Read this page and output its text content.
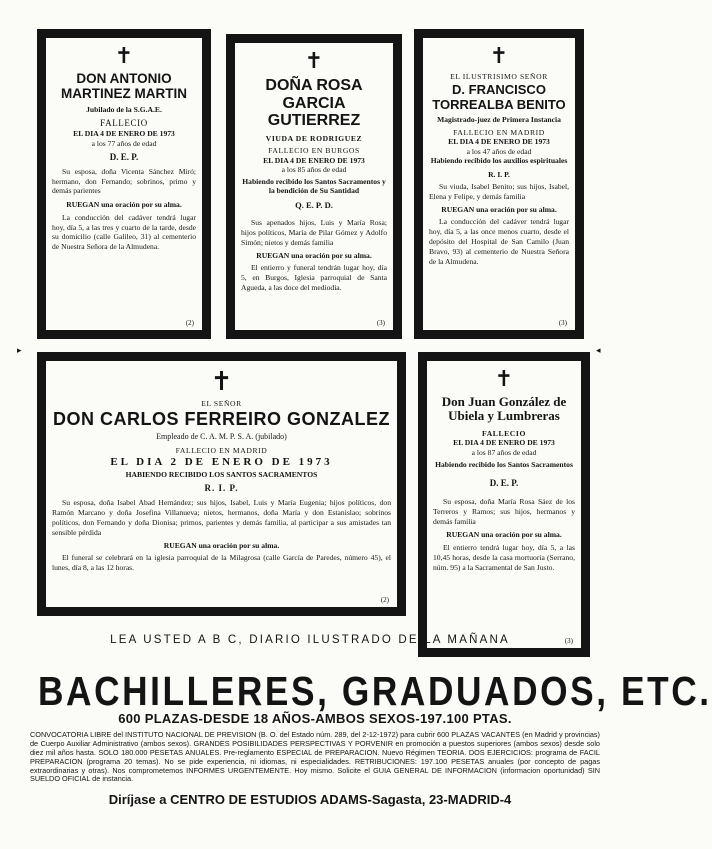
✝
DON ANTONIO MARTINEZ MARTIN
Jubilado de la S.G.A.E.
FALLECIO
EL DIA 4 DE ENERO DE 1973
a los 77 años de edad
D. E. P.
Su esposa, doña Vicenta Sánchez Miró; hermano, don Fernando; sobrinos, primo y demás parientes
RUEGAN una oración por su alma.
La conducción del cadáver tendrá lugar hoy, día 5, a las tres y cuarto de la tarde, desde su domicilio (calle Galileo, 31) al cementerio de Nuestra Señora de la Almudena.
(2)
✝
DOÑA ROSA GARCIA GUTIERREZ
VIUDA DE RODRIGUEZ
FALLECIO EN BURGOS
EL DIA 4 DE ENERO DE 1973
a los 85 años de edad
Habiendo recibido los Santos Sacramentos y la bendición de Su Santidad
Q. E. P. D.
Sus apenados hijos, Luis y María Rosa; hijos políticos, María de Pilar Gómez y Adolfo Simón; nietos y demás familia
RUEGAN una oración por su alma.
El entierro y funeral tendrán lugar hoy, día 5, en Burgos, Iglesia parroquial de Santa Agueda, a las doce del mediodía.
(3)
✝
EL ILUSTRISIMO SEÑOR
D. FRANCISCO TORREALBA BENITO
Magistrado-juez de Primera Instancia
FALLECIO EN MADRID
EL DIA 4 DE ENERO DE 1973
a los 47 años de edad
Habiendo recibido los auxilios espirituales
R. I. P.
Su viuda, Isabel Benito; sus hijos, Isabel, Elena y Felipe, y demás familia
RUEGAN una oración por su alma.
La conducción del cadáver tendrá lugar hoy, día 5, a las once menos cuarto, desde el depósito del Hospital de San Camilo (Juan Bravo, 93) al cementerio de Nuestra Señora de la Almudena.
(3)
✝
EL SEÑOR
DON CARLOS FERREIRO GONZALEZ
Empleado de C. A. M. P. S. A. (jubilado)
FALLECIO EN MADRID
EL DIA 2 DE ENERO DE 1973
HABIENDO RECIBIDO LOS SANTOS SACRAMENTOS
R. I. P.
Su esposa, doña Isabel Abad Hernández; sus hijos, Isabel, Luis y María Eugenia; hijos políticos, don Ramón Marcano y doña Josefina Villanueva; nietos, hermanos, doña María y don Estanislao; sobrinos políticos, don Fernando y doña Dionisa; primos, parientes y demás familia, al participar a sus amistades tan sensible pérdida
RUEGAN una oración por su alma.
El funeral se celebrará en la iglesia parroquial de la Milagrosa (calle García de Paredes, número 45), el lunes, día 8, a las 12 horas.
(2)
✝
Don Juan González de Ubiela y Lumbreras
FALLECIO
EL DIA 4 DE ENERO DE 1973
a los 87 años de edad
Habiendo recibido los Santos Sacramentos
D. E. P.
Su esposa, doña María Rosa Sáez de los Terreros y Ramos; sus hijos, hermanos y demás familia
RUEGAN una oración por su alma.
El entierro tendrá lugar hoy, día 5, a las 10,45 horas, desde la casa mortuoria (Serrano, núm. 95) a la Sacramental de San Justo.
(3)
▸	◂
LEA USTED A B C, DIARIO ILUSTRADO DE LA MAÑANA
BACHILLERES, GRADUADOS, ETC.
600 PLAZAS-DESDE 18 AÑOS-AMBOS SEXOS-197.100 PTAS.
CONVOCATORIA LIBRE del INSTITUTO NACIONAL DE PREVISION (B. O. del Estado núm. 289, del 2-12-1972) para cubrir 600 PLAZAS VACANTES (en Madrid y provincias) de Cuerpo Auxiliar Administrativo (ambos sexos). GRANDES POSIBILIDADES PERSPECTIVAS Y PORVENIR en promoción a puestos superiores (ambos sexos) desde solo diez mil años hasta. SOLO 180.000 PESETAS ANUALES. Pre-reglamento ESPECIAL de PREPARACION. Nuevo Régimen TEORIA. DOS EJERCICIOS: programa de FACIL PREPARACION (programa 20 temas). No se pide experiencia, ni idiomas, ni especialidades. RETRIBUCIONES: 197.100 PESETAS anuales (por concepto de pagas extraordinarias y otras). Nos comprometemos INFORMES URGENTEMENTE. Hoy mismo. Solicite el GUIA GENERAL DE INFORMACION (informacion oportunidad) SIN SUELDO OFICIAL de instancia.
Diríjase a CENTRO DE ESTUDIOS ADAMS-Sagasta, 23-MADRID-4
